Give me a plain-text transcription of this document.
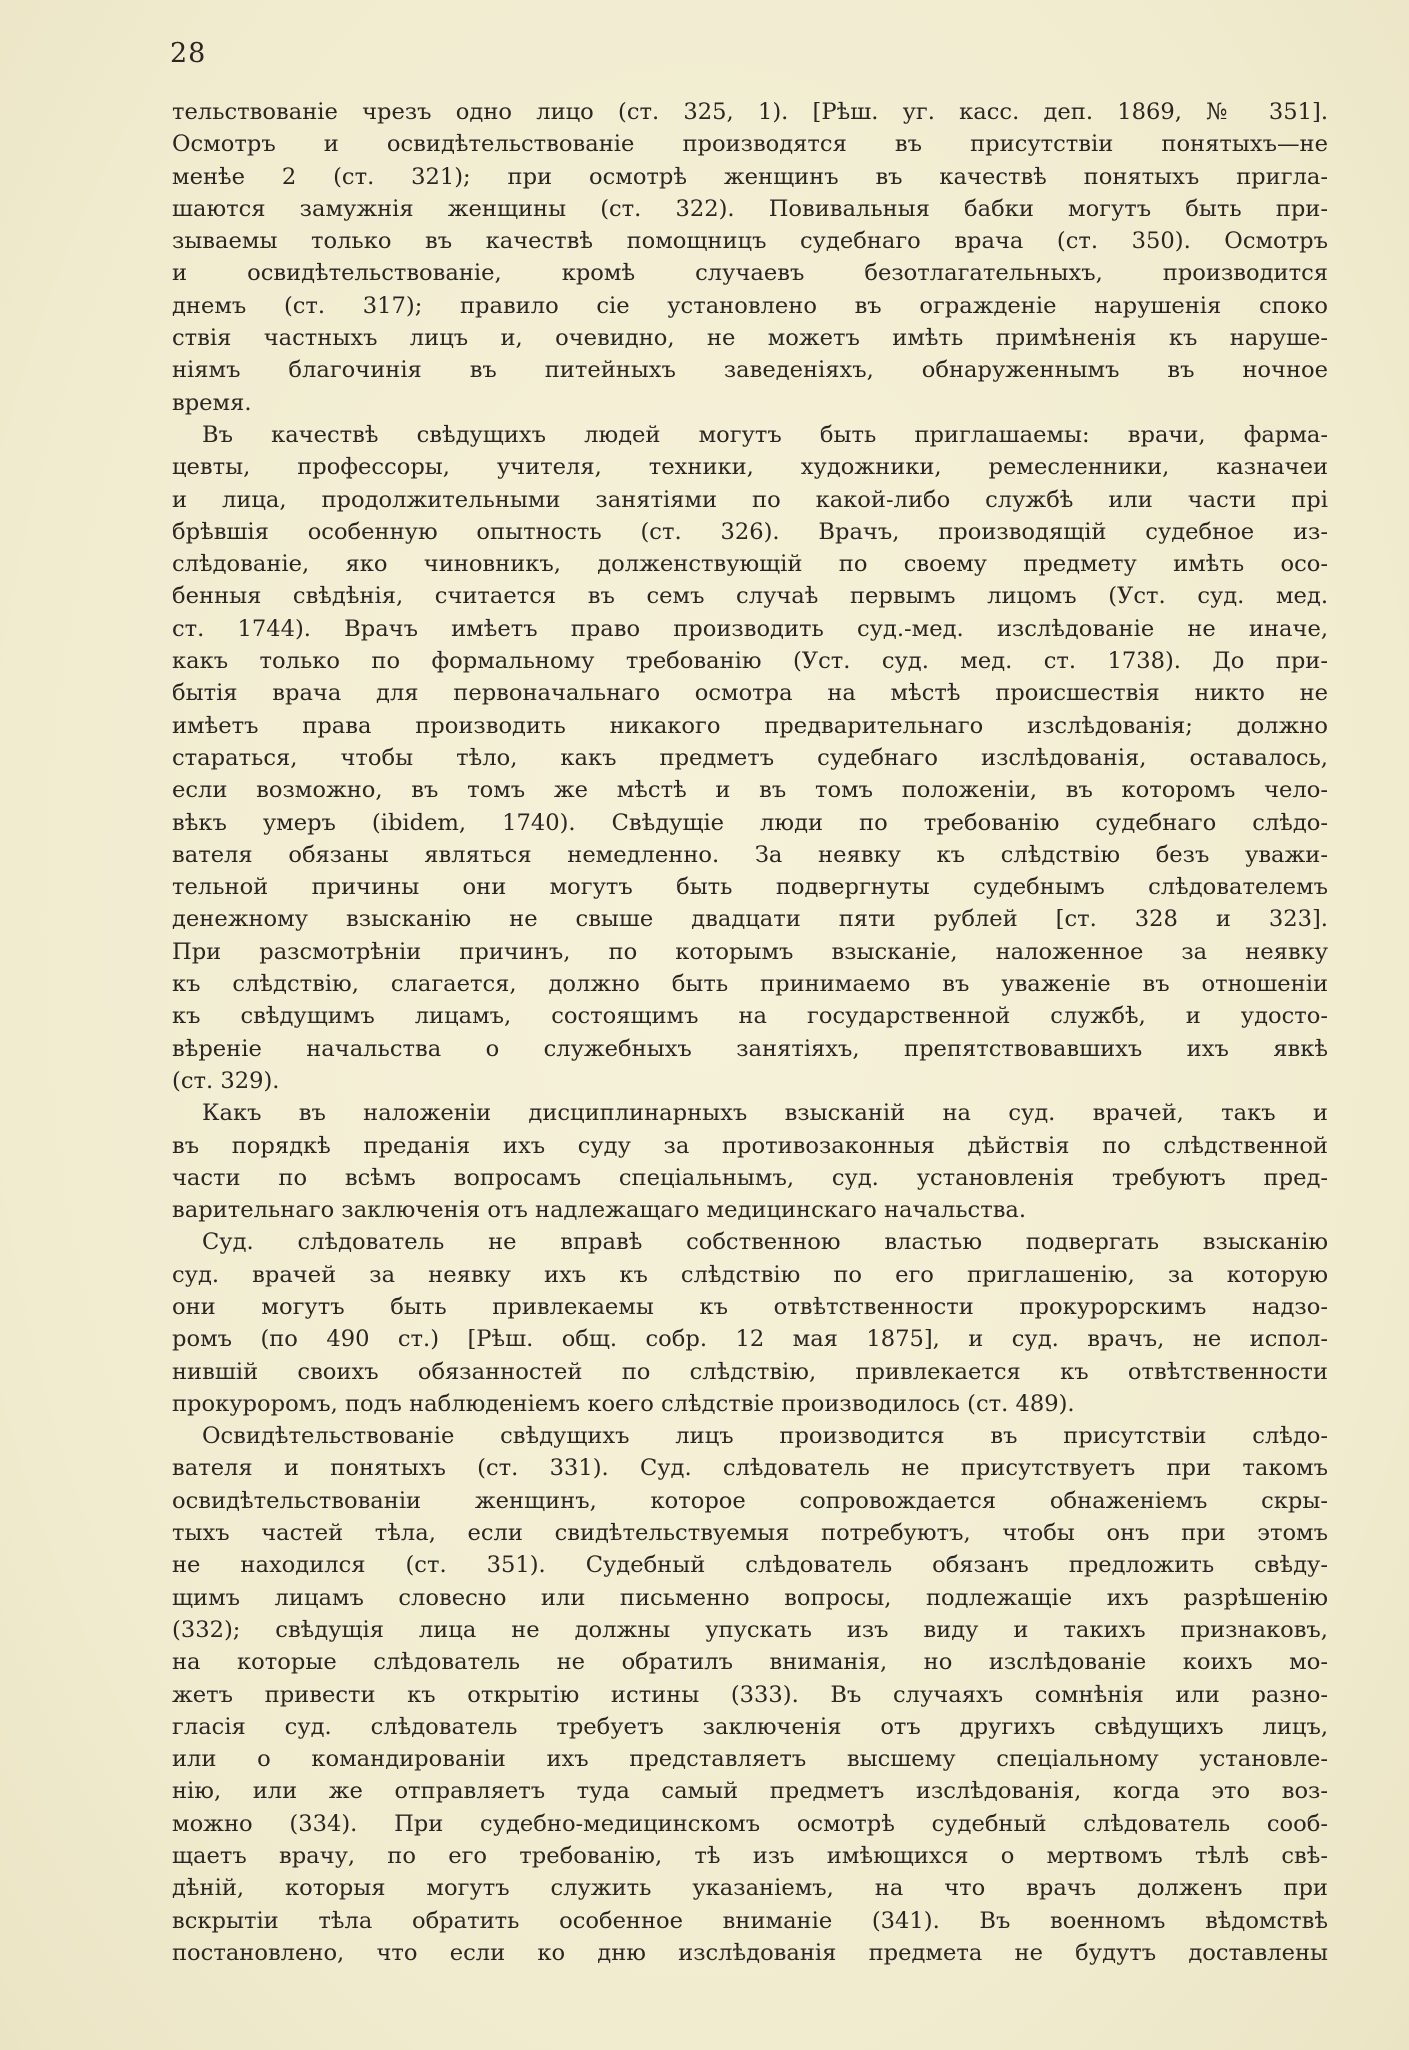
28
тельствованіе чрезъ одно лицо (ст. 325, 1). [Рѣш. уг. касс. деп. 1869, № 351].
Осмотръ и освидѣтельствованіе производятся въ присутствіи понятыхъ—не
менѣе 2 (ст. 321); при осмотрѣ женщинъ въ качествѣ понятыхъ пригла-
шаются замужнія женщины (ст. 322). Повивальныя бабки могутъ быть при-
зываемы только въ качествѣ помощницъ судебнаго врача (ст. 350). Осмотръ
и освидѣтельствованіе, кромѣ случаевъ безотлагательныхъ, производится
днемъ (ст. 317); правило сіе установлено въ огражденіе нарушенія споко
ствія частныхъ лицъ и, очевидно, не можетъ имѣть примѣненія къ наруше-
ніямъ благочинія въ питейныхъ заведеніяхъ, обнаруженнымъ въ ночное
время.
Въ качествѣ свѣдущихъ людей могутъ быть приглашаемы: врачи, фарма-
цевты, профессоры, учителя, техники, художники, ремесленники, казначеи
и лица, продолжительными занятіями по какой-либо службѣ или части прі
брѣвшія особенную опытность (ст. 326). Врачъ, производящій судебное из-
слѣдованіе, яко чиновникъ, долженствующій по своему предмету имѣть осо-
бенныя свѣдѣнія, считается въ семъ случаѣ первымъ лицомъ (Уст. суд. мед.
ст. 1744). Врачъ имѣетъ право производить суд.-мед. изслѣдованіе не иначе,
какъ только по формальному требованію (Уст. суд. мед. ст. 1738). До при-
бытія врача для первоначальнаго осмотра на мѣстѣ происшествія никто не
имѣетъ права производить никакого предварительнаго изслѣдованія; должно
стараться, чтобы тѣло, какъ предметъ судебнаго изслѣдованія, оставалось,
если возможно, въ томъ же мѣстѣ и въ томъ положеніи, въ которомъ чело-
вѣкъ умеръ (ibidem, 1740). Свѣдущіе люди по требованію судебнаго слѣдо-
вателя обязаны являться немедленно. За неявку къ слѣдствію безъ уважи-
тельной причины они могутъ быть подвергнуты судебнымъ слѣдователемъ
денежному взысканію не свыше двадцати пяти рублей [ст. 328 и 323].
При разсмотрѣніи причинъ, по которымъ взысканіе, наложенное за неявку
къ слѣдствію, слагается, должно быть принимаемо въ уваженіе въ отношеніи
къ свѣдущимъ лицамъ, состоящимъ на государственной службѣ, и удосто-
вѣреніе начальства о служебныхъ занятіяхъ, препятствовавшихъ ихъ явкѣ
(ст. 329).
Какъ въ наложеніи дисциплинарныхъ взысканій на суд. врачей, такъ и
въ порядкѣ преданія ихъ суду за противозаконныя дѣйствія по слѣдственной
части по всѣмъ вопросамъ спеціальнымъ, суд. установленія требуютъ пред-
варительнаго заключенія отъ надлежащаго медицинскаго начальства.
Суд. слѣдователь не вправѣ собственною властью подвергать взысканію
суд. врачей за неявку ихъ къ слѣдствію по его приглашенію, за которую
они могутъ быть привлекаемы къ отвѣтственности прокурорскимъ надзо-
ромъ (по 490 ст.) [Рѣш. общ. собр. 12 мая 1875], и суд. врачъ, не испол-
нившій своихъ обязанностей по слѣдствію, привлекается къ отвѣтственности
прокуроромъ, подъ наблюденіемъ коего слѣдствіе производилось (ст. 489).
Освидѣтельствованіе свѣдущихъ лицъ производится въ присутствіи слѣдо-
вателя и понятыхъ (ст. 331). Суд. слѣдователь не присутствуетъ при такомъ
освидѣтельствованіи женщинъ, которое сопровождается обнаженіемъ скры-
тыхъ частей тѣла, если свидѣтельствуемыя потребуютъ, чтобы онъ при этомъ
не находился (ст. 351). Судебный слѣдователь обязанъ предложить свѣду-
щимъ лицамъ словесно или письменно вопросы, подлежащіе ихъ разрѣшенію
(332); свѣдущія лица не должны упускать изъ виду и такихъ признаковъ,
на которые слѣдователь не обратилъ вниманія, но изслѣдованіе коихъ мо-
жетъ привести къ открытію истины (333). Въ случаяхъ сомнѣнія или разно-
гласія суд. слѣдователь требуетъ заключенія отъ другихъ свѣдущихъ лицъ,
или о командированіи ихъ представляетъ высшему спеціальному установле-
нію, или же отправляетъ туда самый предметъ изслѣдованія, когда это воз-
можно (334). При судебно-медицинскомъ осмотрѣ судебный слѣдователь сооб-
щаетъ врачу, по его требованію, тѣ изъ имѣющихся о мертвомъ тѣлѣ свѣ-
дѣній, которыя могутъ служить указаніемъ, на что врачъ долженъ при
вскрытіи тѣла обратить особенное вниманіе (341). Въ военномъ вѣдомствѣ
постановлено, что если ко дню изслѣдованія предмета не будутъ доставлены
